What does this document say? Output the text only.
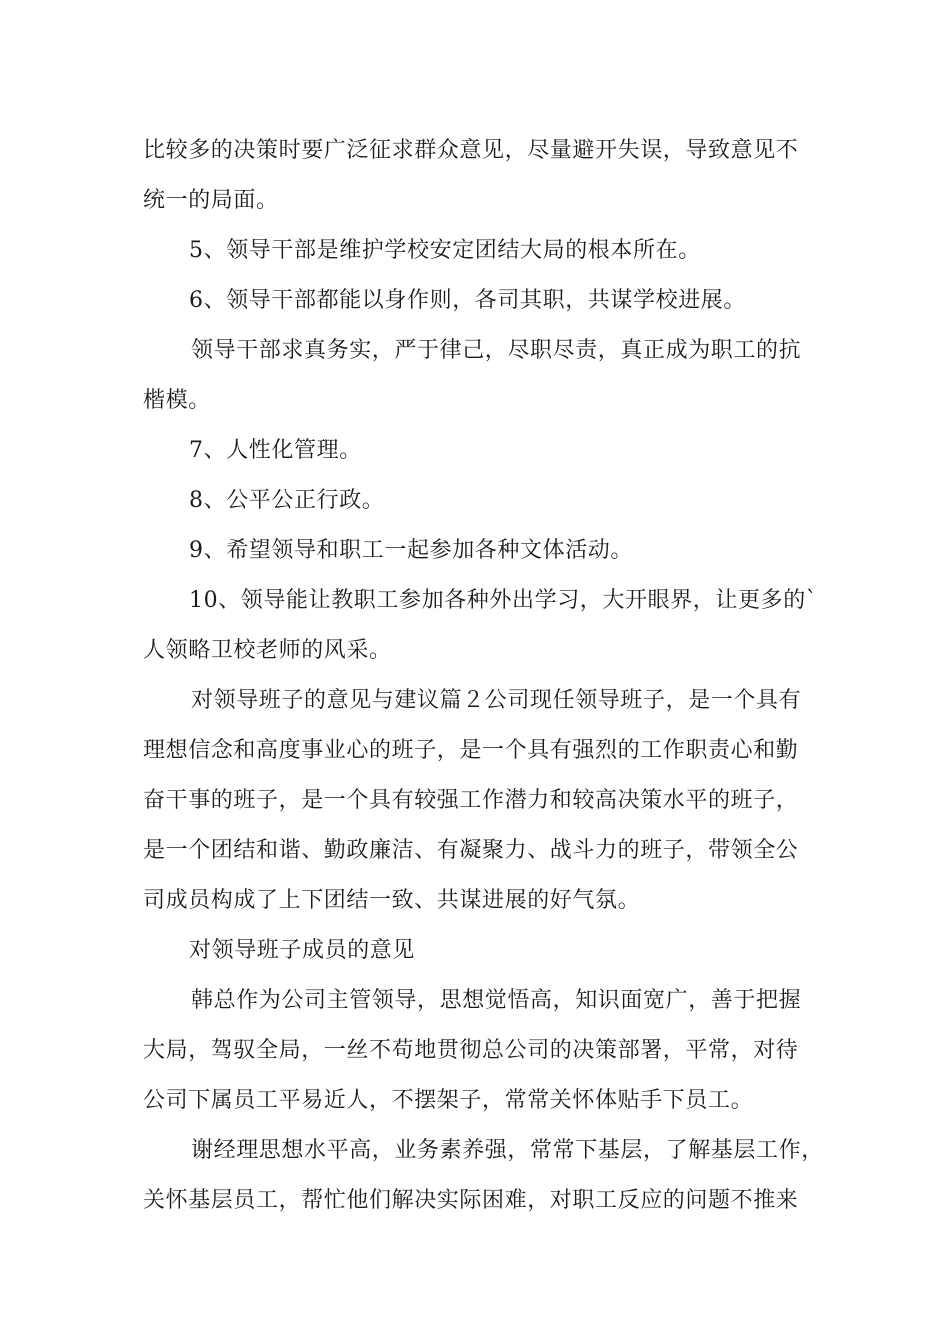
比较多的决策时要广泛征求群众意见，尽量避开失误，导致意见不
统一的局面。
5、领导干部是维护学校安定团结大局的根本所在。
6、领导干部都能以身作则，各司其职，共谋学校进展。
领导干部求真务实，严于律己，尽职尽责，真正成为职工的抗
楷模。
7、人性化管理。
8、公平公正行政。
9、希望领导和职工一起参加各种文体活动。
10、领导能让教职工参加各种外出学习，大开眼界，让更多的`
人领略卫校老师的风采。
对领导班子的意见与建议篇２公司现任领导班子，是一个具有
理想信念和高度事业心的班子，是一个具有强烈的工作职责心和勤
奋干事的班子，是一个具有较强工作潜力和较高决策水平的班子，
是一个团结和谐、勤政廉洁、有凝聚力、战斗力的班子，带领全公
司成员构成了上下团结一致、共谋进展的好气氛。
对领导班子成员的意见
韩总作为公司主管领导，思想觉悟高，知识面宽广，善于把握
大局，驾驭全局，一丝不苟地贯彻总公司的决策部署，平常，对待
公司下属员工平易近人，不摆架子，常常关怀体贴手下员工。
谢经理思想水平高，业务素养强，常常下基层，了解基层工作，
关怀基层员工，帮忙他们解决实际困难，对职工反应的问题不推来
